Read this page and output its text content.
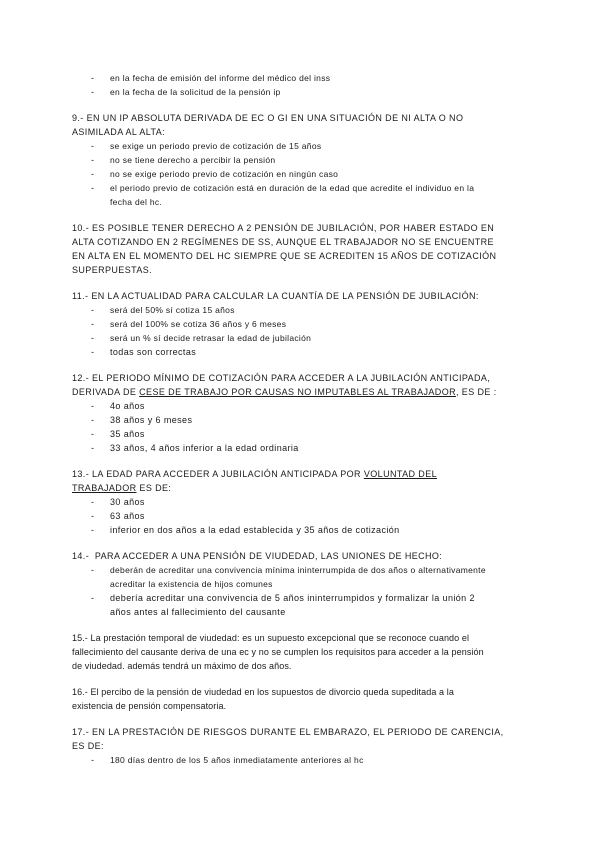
- en la fecha de emisión del informe del médico del inss
- en la fecha de la solicitud de la pensión ip
9.- EN UN IP ABSOLUTA DERIVADA DE EC O GI EN UNA SITUACIÓN DE NI ALTA O NO
ASIMILADA AL ALTA:
- se exige un periodo previo de cotización de 15 años
- no se tiene derecho a percibir la pensión
- no se exige periodo previo de cotización en ningún caso
- el periodo previo de cotización está en duración de la edad que acredite el individuo en la
fecha del hc.
10.- ES POSIBLE TENER DERECHO A 2 PENSIÓN DE JUBILACIÓN, POR HABER ESTADO EN
ALTA COTIZANDO EN 2 REGÍMENES DE SS, AUNQUE EL TRABAJADOR NO SE ENCUENTRE
EN ALTA EN EL MOMENTO DEL HC SIEMPRE QUE SE ACREDITEN 15 AÑOS DE COTIZACIÓN
SUPERPUESTAS.
11.- EN LA ACTUALIDAD PARA CALCULAR LA CUANTÍA DE LA PENSIÓN DE JUBILACIÓN:
- será del 50% sí cotiza 15 años
- será del 100% se cotiza 36 años y 6 meses
- será un % sí decide retrasar la edad de jubilación
- todas son correctas
12.- EL PERIODO MÍNIMO DE COTIZACIÓN PARA ACCEDER A LA JUBILACIÓN ANTICIPADA,
DERIVADA DE CESE DE TRABAJO POR CAUSAS NO IMPUTABLES AL TRABAJADOR, ES DE :
- 4o años
- 38 años y 6 meses
- 35 años
- 33 años, 4 años inferior a la edad ordinaria
13.- LA EDAD PARA ACCEDER A JUBILACIÓN ANTICIPADA POR VOLUNTAD DEL
TRABAJADOR ES DE:
- 30 años
- 63 años
- inferior en dos años a la edad establecida y 35 años de cotización
14.-  PARA ACCEDER A UNA PENSIÓN DE VIUDEDAD, LAS UNIONES DE HECHO:
- deberán de acreditar una convivencia mínima ininterrumpida de dos años o alternativamente
acreditar la existencia de hijos comunes
- debería acreditar una convivencia de 5 años ininterrumpidos y formalizar la unión 2
años antes al fallecimiento del causante
15.- La prestación temporal de viudedad: es un supuesto excepcional que se reconoce cuando el
fallecimiento del causante deriva de una ec y no se cumplen los requisitos para acceder a la pensión
de viudedad. además tendrá un máximo de dos años.
16.- El percibo de la pensión de viudedad en los supuestos de divorcio queda supeditada a la
existencia de pensión compensatoria.
17.- EN LA PRESTACIÓN DE RIESGOS DURANTE EL EMBARAZO, EL PERIODO DE CARENCIA,
ES DE:
- 180 días dentro de los 5 años inmediatamente anteriores al hc
